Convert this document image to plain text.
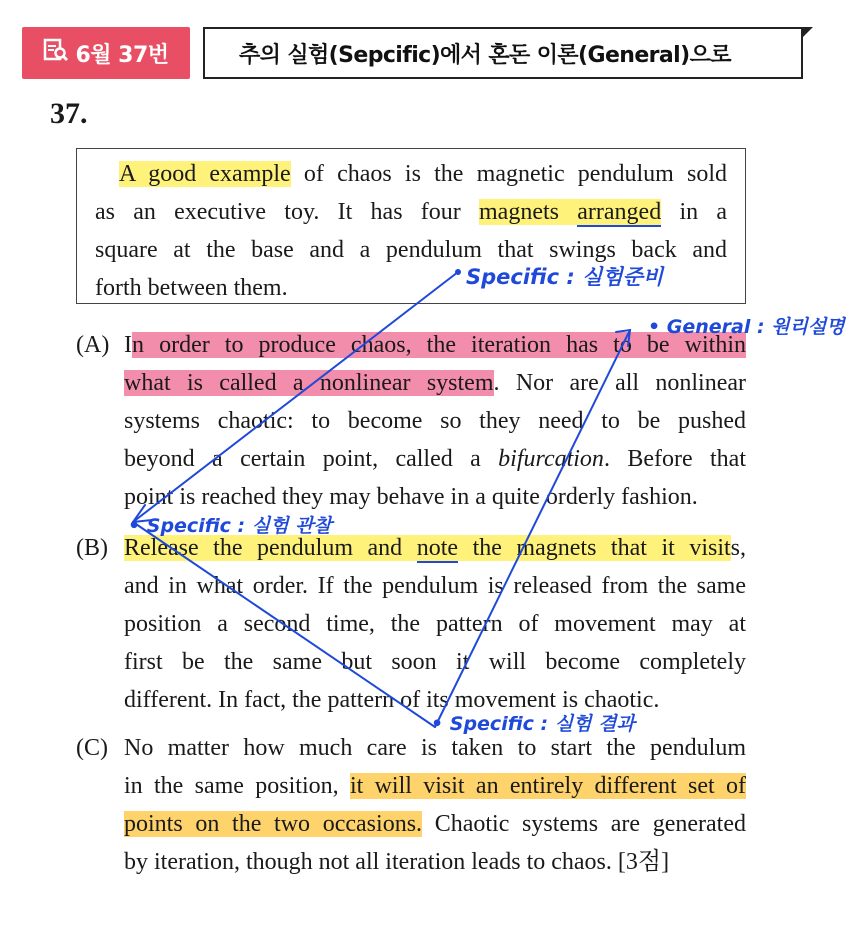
6월 37번	추의 실험(Sepcific)에서 혼돈 이론(General)으로
37.
A good example of chaos is the magnetic pendulum sold
as an executive toy. It has four magnets arranged in a
square at the base and a pendulum that swings back and
forth between them.
(A) In order to produce chaos, the iteration has to be within
what is called a nonlinear system. Nor are all nonlinear
systems chaotic: to become so they need to be pushed
beyond a certain point, called a bifurcation. Before that
point is reached they may behave in a quite orderly fashion.
(B) Release the pendulum and note the magnets that it visits,
and in what order. If the pendulum is released from the same
position a second time, the pattern of movement may at
first be the same but soon it will become completely
different. In fact, the pattern of its movement is chaotic.
(C) No matter how much care is taken to start the pendulum
in the same position, it will visit an entirely different set of
points on the two occasions. Chaotic systems are generated
by iteration, though not all iteration leads to chaos. [3점]
Specific : 실험준비
• General : 원리설명
• Specific : 실험 관찰
• Specific : 실험 결과
